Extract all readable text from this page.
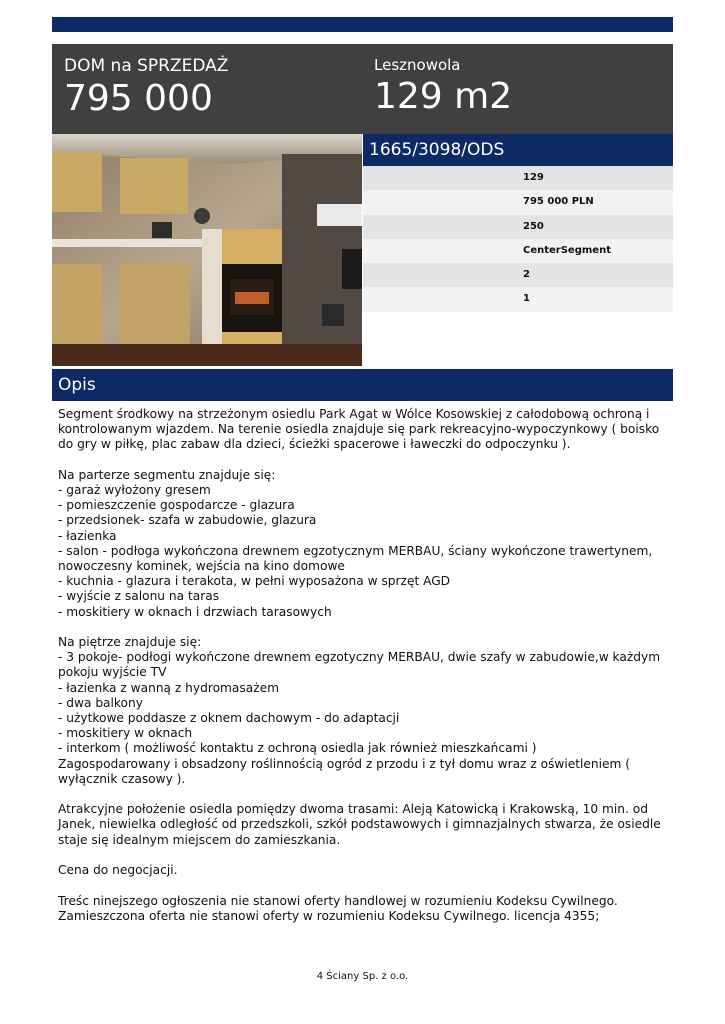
DOM na SPRZEDAŻ
795 000
Lesznowola
129 m2
1665/3098/ODS
129
795 000 PLN
250
CenterSegment
2
1
Opis
Segment środkowy na strzeżonym osiedlu Park Agat w Wólce Kosowskiej z całodobową ochroną i kontrolowanym wjazdem. Na terenie osiedla znajduje się park rekreacyjno-wypoczynkowy ( boisko do gry w piłkę, plac zabaw dla dzieci, ścieżki spacerowe i ławeczki do odpoczynku ).

Na parterze segmentu znajduje się:
- garaż wyłożony gresem
- pomieszczenie gospodarcze - glazura
- przedsionek- szafa w zabudowie, glazura
- łazienka
- salon - podłoga wykończona drewnem egzotycznym MERBAU, ściany wykończone trawertynem, nowoczesny kominek, wejścia na kino domowe
- kuchnia - glazura i terakota, w pełni wyposażona w sprzęt AGD
- wyjście z salonu na taras
- moskitiery w oknach i drzwiach tarasowych

Na piętrze znajduje się:
- 3 pokoje- podłogi wykończone drewnem egzotyczny MERBAU, dwie szafy w zabudowie,w każdym pokoju wyjście TV
- łazienka z wanną z hydromasażem
- dwa balkony
- użytkowe poddasze z oknem dachowym - do adaptacji
- moskitiery w oknach
- interkom ( możliwość kontaktu z ochroną osiedla jak również mieszkańcami )
Zagospodarowany i obsadzony roślinnością ogród z przodu i z tył domu wraz z oświetleniem ( wyłącznik czasowy ).

Atrakcyjne położenie osiedla pomiędzy dwoma trasami: Aleją Katowicką i Krakowską, 10 min. od Janek, niewielka odległość od przedszkoli, szkół podstawowych i gimnazjalnych stwarza, że osiedle staje się idealnym miejscem do zamieszkania.

Cena do negocjacji.

Treśc ninejszego ogłoszenia nie stanowi oferty handlowej w rozumieniu Kodeksu Cywilnego. Zamieszczona oferta nie stanowi oferty w rozumieniu Kodeksu Cywilnego. licencja 4355;
4 Ściany Sp. z o.o.
